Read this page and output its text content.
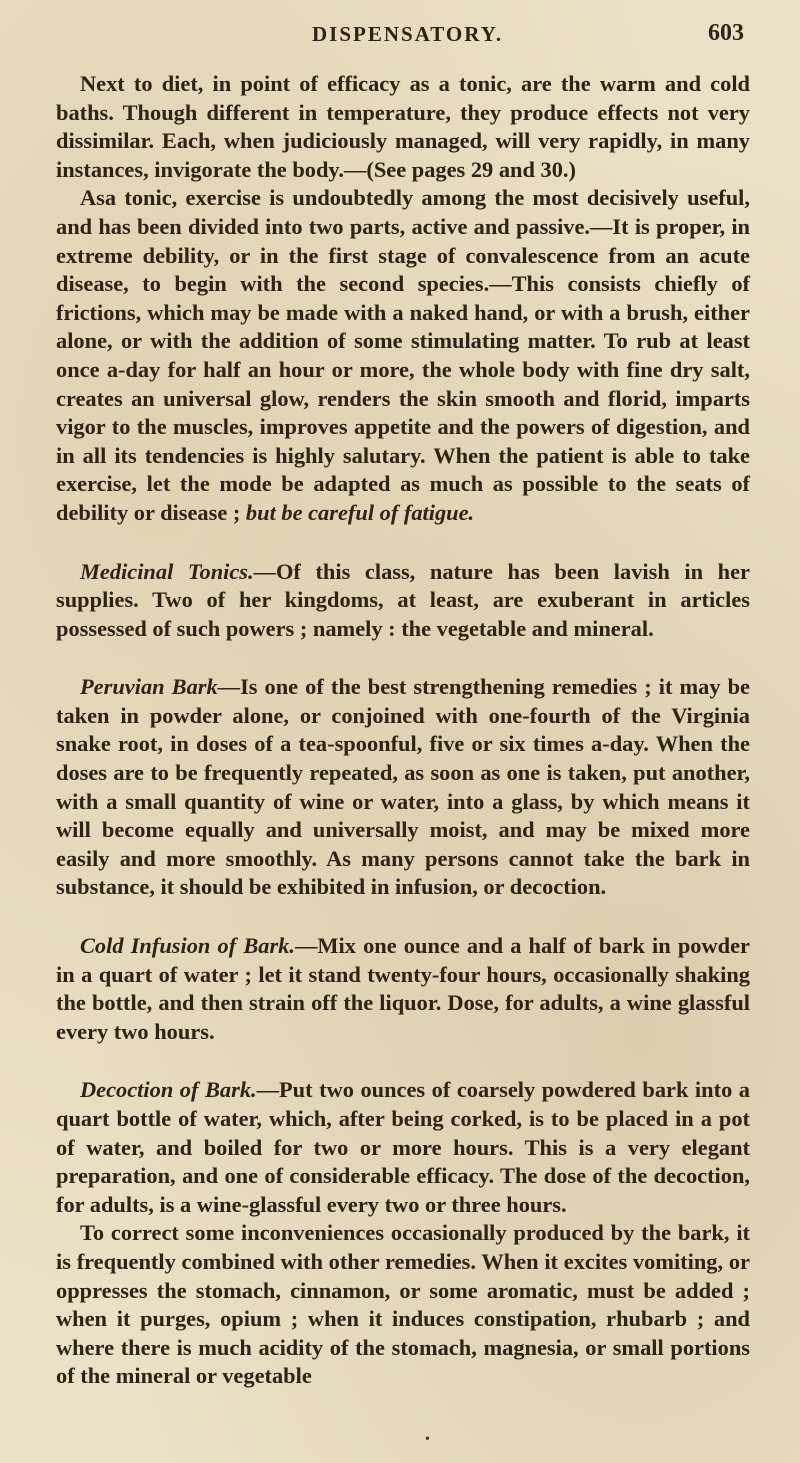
DISPENSATORY.	603

Next to diet, in point of efficacy as a tonic, are the warm and cold baths. Though different in temperature, they produce effects not very dissimilar. Each, when judiciously managed, will very rapidly, in many instances, invigorate the body.—(See pages 29 and 30.)

Asa tonic, exercise is undoubtedly among the most decisively useful, and has been divided into two parts, active and passive.—It is proper, in extreme debility, or in the first stage of convalescence from an acute disease, to begin with the second species.—This consists chiefly of frictions, which may be made with a naked hand, or with a brush, either alone, or with the addition of some stimulating matter. To rub at least once a-day for half an hour or more, the whole body with fine dry salt, creates an universal glow, renders the skin smooth and florid, imparts vigor to the muscles, improves appetite and the powers of digestion, and in all its tendencies is highly salutary. When the patient is able to take exercise, let the mode be adapted as much as possible to the seats of debility or disease ; but be careful of fatigue.

Medicinal Tonics.—Of this class, nature has been lavish in her supplies. Two of her kingdoms, at least, are exuberant in articles possessed of such powers ; namely : the vegetable and mineral.

Peruvian Bark—Is one of the best strengthening remedies ; it may be taken in powder alone, or conjoined with one-fourth of the Virginia snake root, in doses of a tea-spoonful, five or six times a-day. When the doses are to be frequently repeated, as soon as one is taken, put another, with a small quantity of wine or water, into a glass, by which means it will become equally and universally moist, and may be mixed more easily and more smoothly. As many persons cannot take the bark in substance, it should be exhibited in infusion, or decoction.

Cold Infusion of Bark.—Mix one ounce and a half of bark in powder in a quart of water ; let it stand twenty-four hours, occasionally shaking the bottle, and then strain off the liquor. Dose, for adults, a wine glassful every two hours.

Decoction of Bark.—Put two ounces of coarsely powdered bark into a quart bottle of water, which, after being corked, is to be placed in a pot of water, and boiled for two or more hours. This is a very elegant preparation, and one of considerable efficacy. The dose of the decoction, for adults, is a wine-glassful every two or three hours.

To correct some inconveniences occasionally produced by the bark, it is frequently combined with other remedies. When it excites vomiting, or oppresses the stomach, cinnamon, or some aromatic, must be added ; when it purges, opium ; when it induces constipation, rhubarb ; and where there is much acidity of the stomach, magnesia, or small portions of the mineral or vegetable

•
